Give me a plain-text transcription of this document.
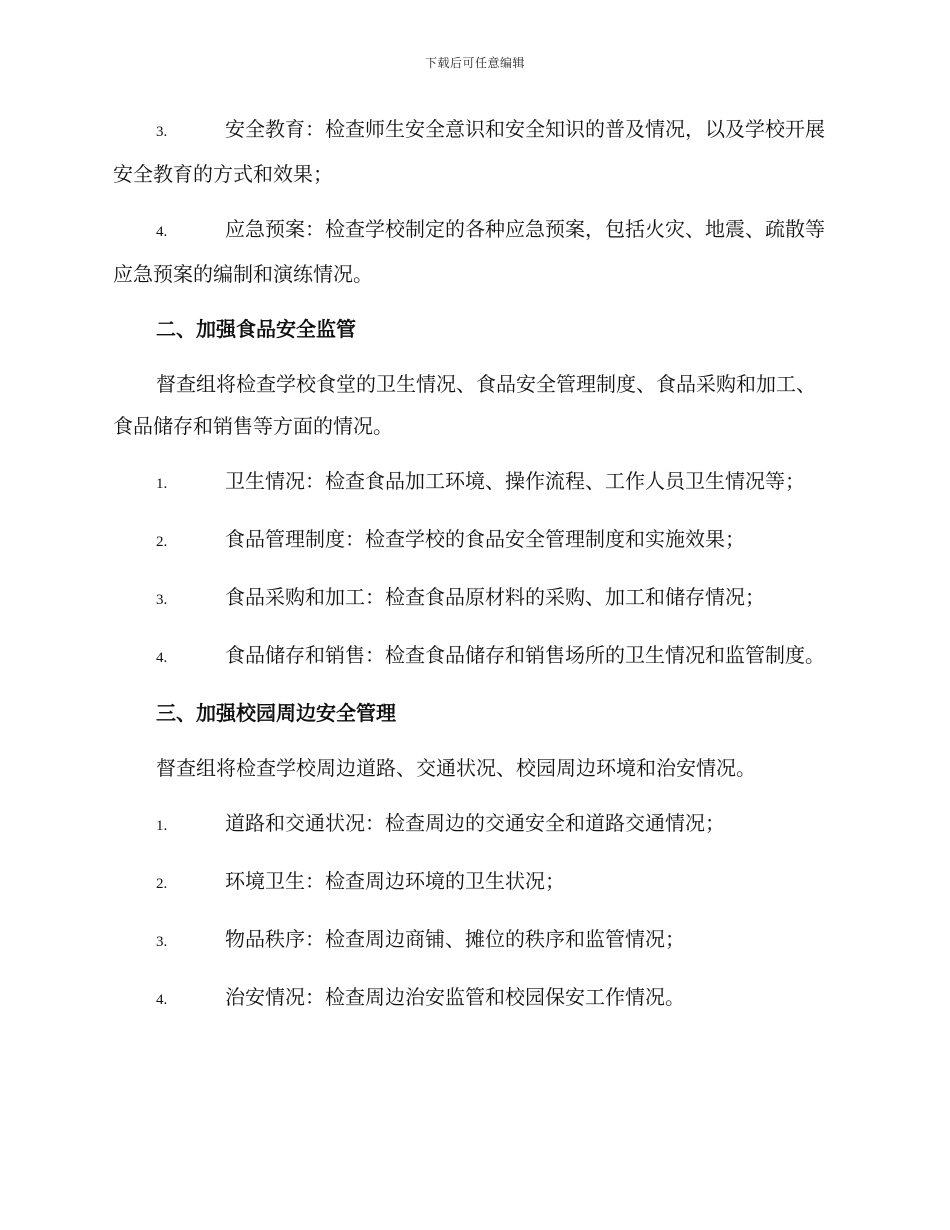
下载后可任意编辑
3.	安全教育：检查师生安全意识和安全知识的普及情况，以及学校开展安全教育的方式和效果；
4.	应急预案：检查学校制定的各种应急预案，包括火灾、地震、疏散等应急预案的编制和演练情况。
二、加强食品安全监管
督查组将检查学校食堂的卫生情况、食品安全管理制度、食品采购和加工、食品储存和销售等方面的情况。
1.	卫生情况：检查食品加工环境、操作流程、工作人员卫生情况等；
2.	食品管理制度：检查学校的食品安全管理制度和实施效果；
3.	食品采购和加工：检查食品原材料的采购、加工和储存情况；
4.	食品储存和销售：检查食品储存和销售场所的卫生情况和监管制度。
三、加强校园周边安全管理
督查组将检查学校周边道路、交通状况、校园周边环境和治安情况。
1.	道路和交通状况：检查周边的交通安全和道路交通情况；
2.	环境卫生：检查周边环境的卫生状况；
3.	物品秩序：检查周边商铺、摊位的秩序和监管情况；
4.	治安情况：检查周边治安监管和校园保安工作情况。
